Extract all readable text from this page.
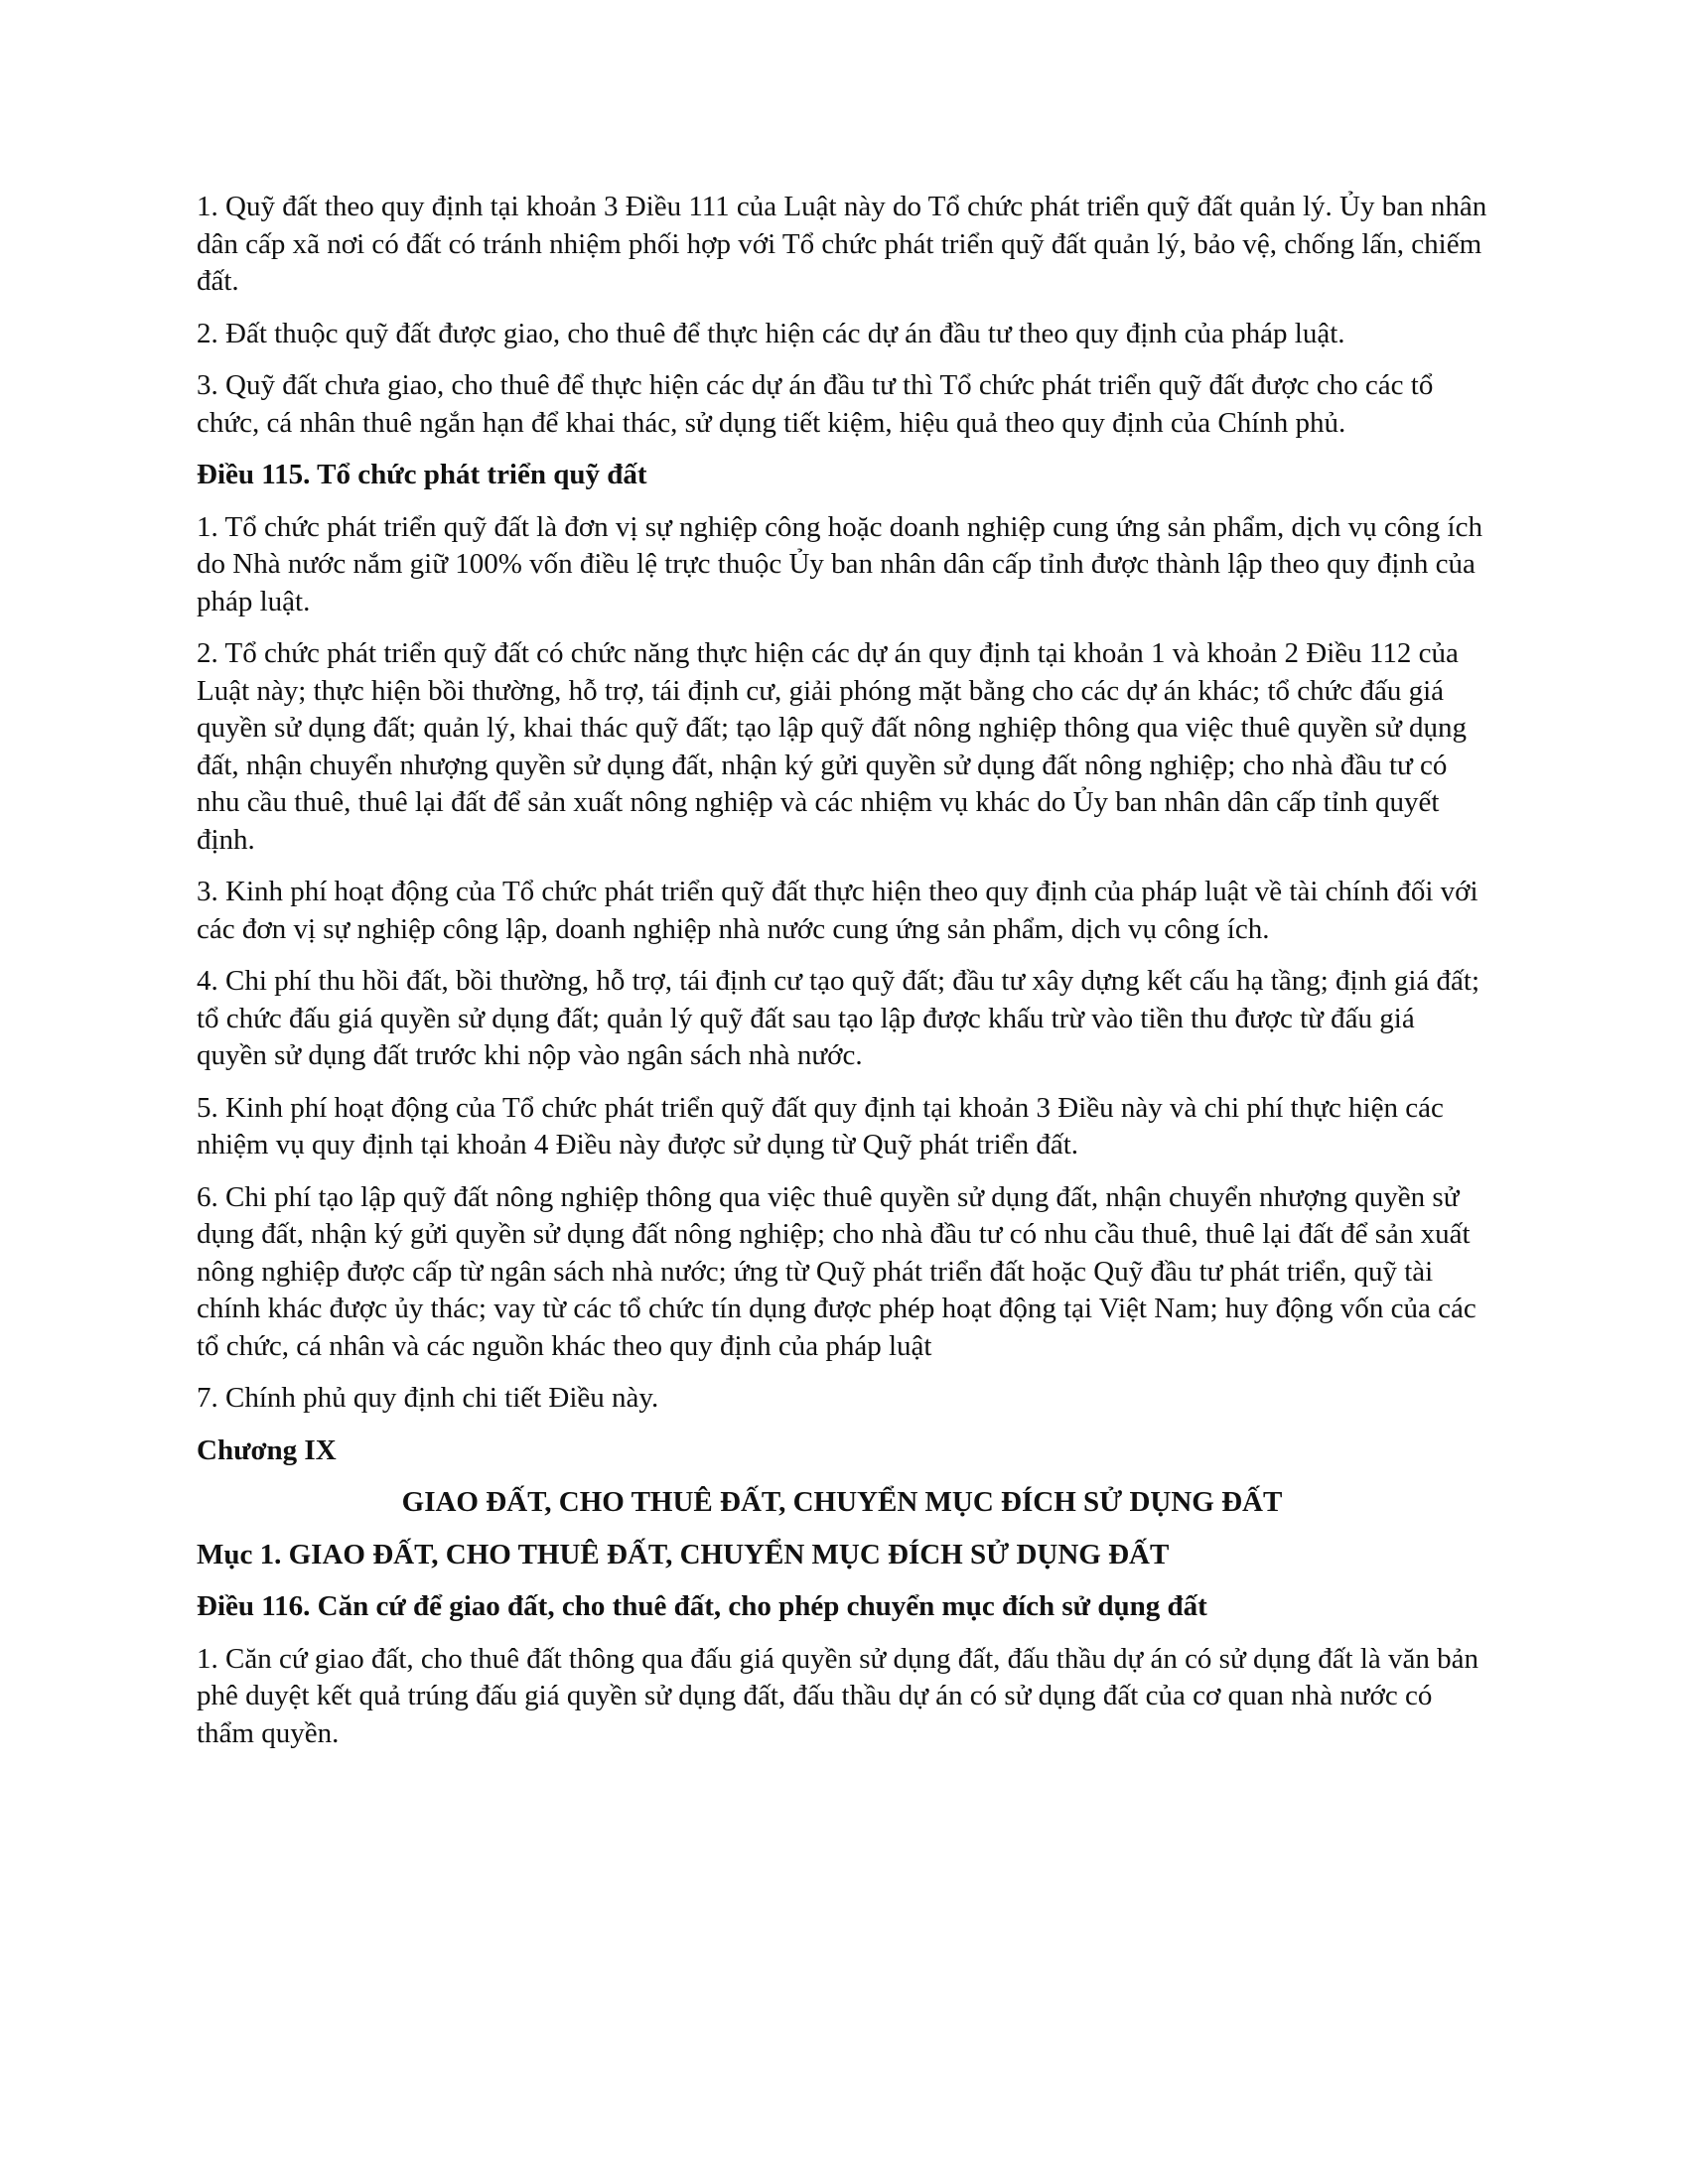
1. Quỹ đất theo quy định tại khoản 3 Điều 111 của Luật này do Tổ chức phát triển quỹ đất quản lý. Ủy ban nhân dân cấp xã nơi có đất có tránh nhiệm phối hợp với Tổ chức phát triển quỹ đất quản lý, bảo vệ, chống lấn, chiếm đất.

2. Đất thuộc quỹ đất được giao, cho thuê để thực hiện các dự án đầu tư theo quy định của pháp luật.

3. Quỹ đất chưa giao, cho thuê để thực hiện các dự án đầu tư thì Tổ chức phát triển quỹ đất được cho các tổ chức, cá nhân thuê ngắn hạn để khai thác, sử dụng tiết kiệm, hiệu quả theo quy định của Chính phủ.

Điều 115. Tổ chức phát triển quỹ đất

1. Tổ chức phát triển quỹ đất là đơn vị sự nghiệp công hoặc doanh nghiệp cung ứng sản phẩm, dịch vụ công ích do Nhà nước nắm giữ 100% vốn điều lệ trực thuộc Ủy ban nhân dân cấp tỉnh được thành lập theo quy định của pháp luật.

2. Tổ chức phát triển quỹ đất có chức năng thực hiện các dự án quy định tại khoản 1 và khoản 2 Điều 112 của Luật này; thực hiện bồi thường, hỗ trợ, tái định cư, giải phóng mặt bằng cho các dự án khác; tổ chức đấu giá quyền sử dụng đất; quản lý, khai thác quỹ đất; tạo lập quỹ đất nông nghiệp thông qua việc thuê quyền sử dụng đất, nhận chuyển nhượng quyền sử dụng đất, nhận ký gửi quyền sử dụng đất nông nghiệp; cho nhà đầu tư có nhu cầu thuê, thuê lại đất để sản xuất nông nghiệp và các nhiệm vụ khác do Ủy ban nhân dân cấp tỉnh quyết định.

3. Kinh phí hoạt động của Tổ chức phát triển quỹ đất thực hiện theo quy định của pháp luật về tài chính đối với các đơn vị sự nghiệp công lập, doanh nghiệp nhà nước cung ứng sản phẩm, dịch vụ công ích.

4. Chi phí thu hồi đất, bồi thường, hỗ trợ, tái định cư tạo quỹ đất; đầu tư xây dựng kết cấu hạ tầng; định giá đất; tổ chức đấu giá quyền sử dụng đất; quản lý quỹ đất sau tạo lập được khấu trừ vào tiền thu được từ đấu giá quyền sử dụng đất trước khi nộp vào ngân sách nhà nước.

5. Kinh phí hoạt động của Tổ chức phát triển quỹ đất quy định tại khoản 3 Điều này và chi phí thực hiện các nhiệm vụ quy định tại khoản 4 Điều này được sử dụng từ Quỹ phát triển đất.

6. Chi phí tạo lập quỹ đất nông nghiệp thông qua việc thuê quyền sử dụng đất, nhận chuyển nhượng quyền sử dụng đất, nhận ký gửi quyền sử dụng đất nông nghiệp; cho nhà đầu tư có nhu cầu thuê, thuê lại đất để sản xuất nông nghiệp được cấp từ ngân sách nhà nước; ứng từ Quỹ phát triển đất hoặc Quỹ đầu tư phát triển, quỹ tài chính khác được ủy thác; vay từ các tổ chức tín dụng được phép hoạt động tại Việt Nam; huy động vốn của các tổ chức, cá nhân và các nguồn khác theo quy định của pháp luật

7. Chính phủ quy định chi tiết Điều này.

Chương IX

GIAO ĐẤT, CHO THUÊ ĐẤT, CHUYỂN MỤC ĐÍCH SỬ DỤNG ĐẤT

Mục 1. GIAO ĐẤT, CHO THUÊ ĐẤT, CHUYỂN MỤC ĐÍCH SỬ DỤNG ĐẤT

Điều 116. Căn cứ để giao đất, cho thuê đất, cho phép chuyển mục đích sử dụng đất

1. Căn cứ giao đất, cho thuê đất thông qua đấu giá quyền sử dụng đất, đấu thầu dự án có sử dụng đất là văn bản phê duyệt kết quả trúng đấu giá quyền sử dụng đất, đấu thầu dự án có sử dụng đất của cơ quan nhà nước có thẩm quyền.
